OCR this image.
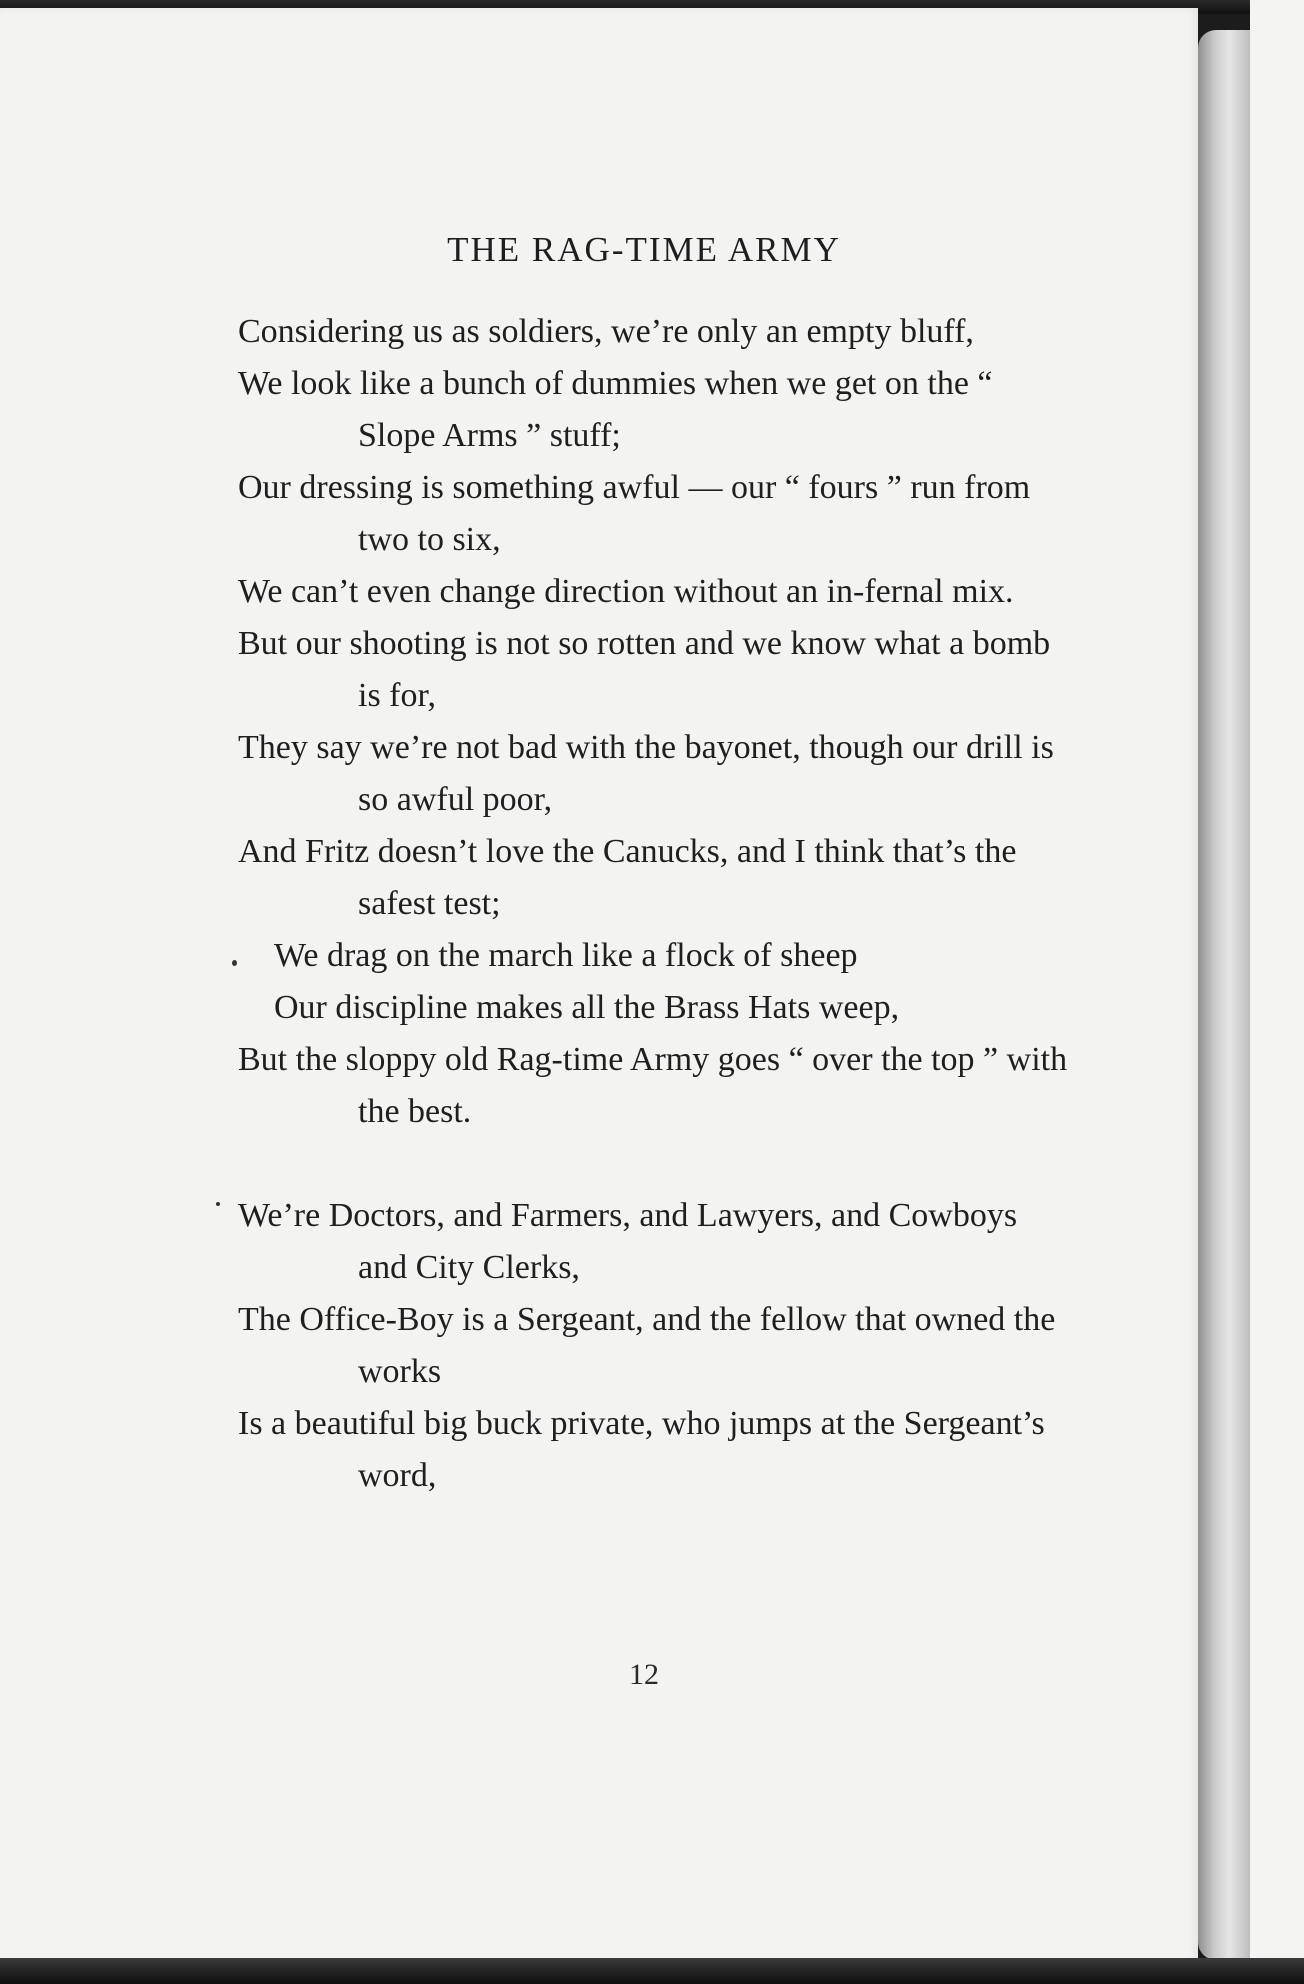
THE RAG-TIME ARMY

Considering us as soldiers, we’re only an empty bluff,

We look like a bunch of dummies when we get on the “ Slope Arms ” stuff;

Our dressing is something awful — our “ fours ” run from two to six,

We can’t even change direction without an in-fernal mix.

But our shooting is not so rotten and we know what a bomb is for,

They say we’re not bad with the bayonet, though our drill is so awful poor,

And Fritz doesn’t love the Canucks, and I think that’s the safest test;

We drag on the march like a flock of sheep

Our discipline makes all the Brass Hats weep,

But the sloppy old Rag-time Army goes “ over the top ” with the best.

We’re Doctors, and Farmers, and Lawyers, and Cowboys and City Clerks,

The Office-Boy is a Sergeant, and the fellow that owned the works

Is a beautiful big buck private, who jumps at the Sergeant’s word,

12
